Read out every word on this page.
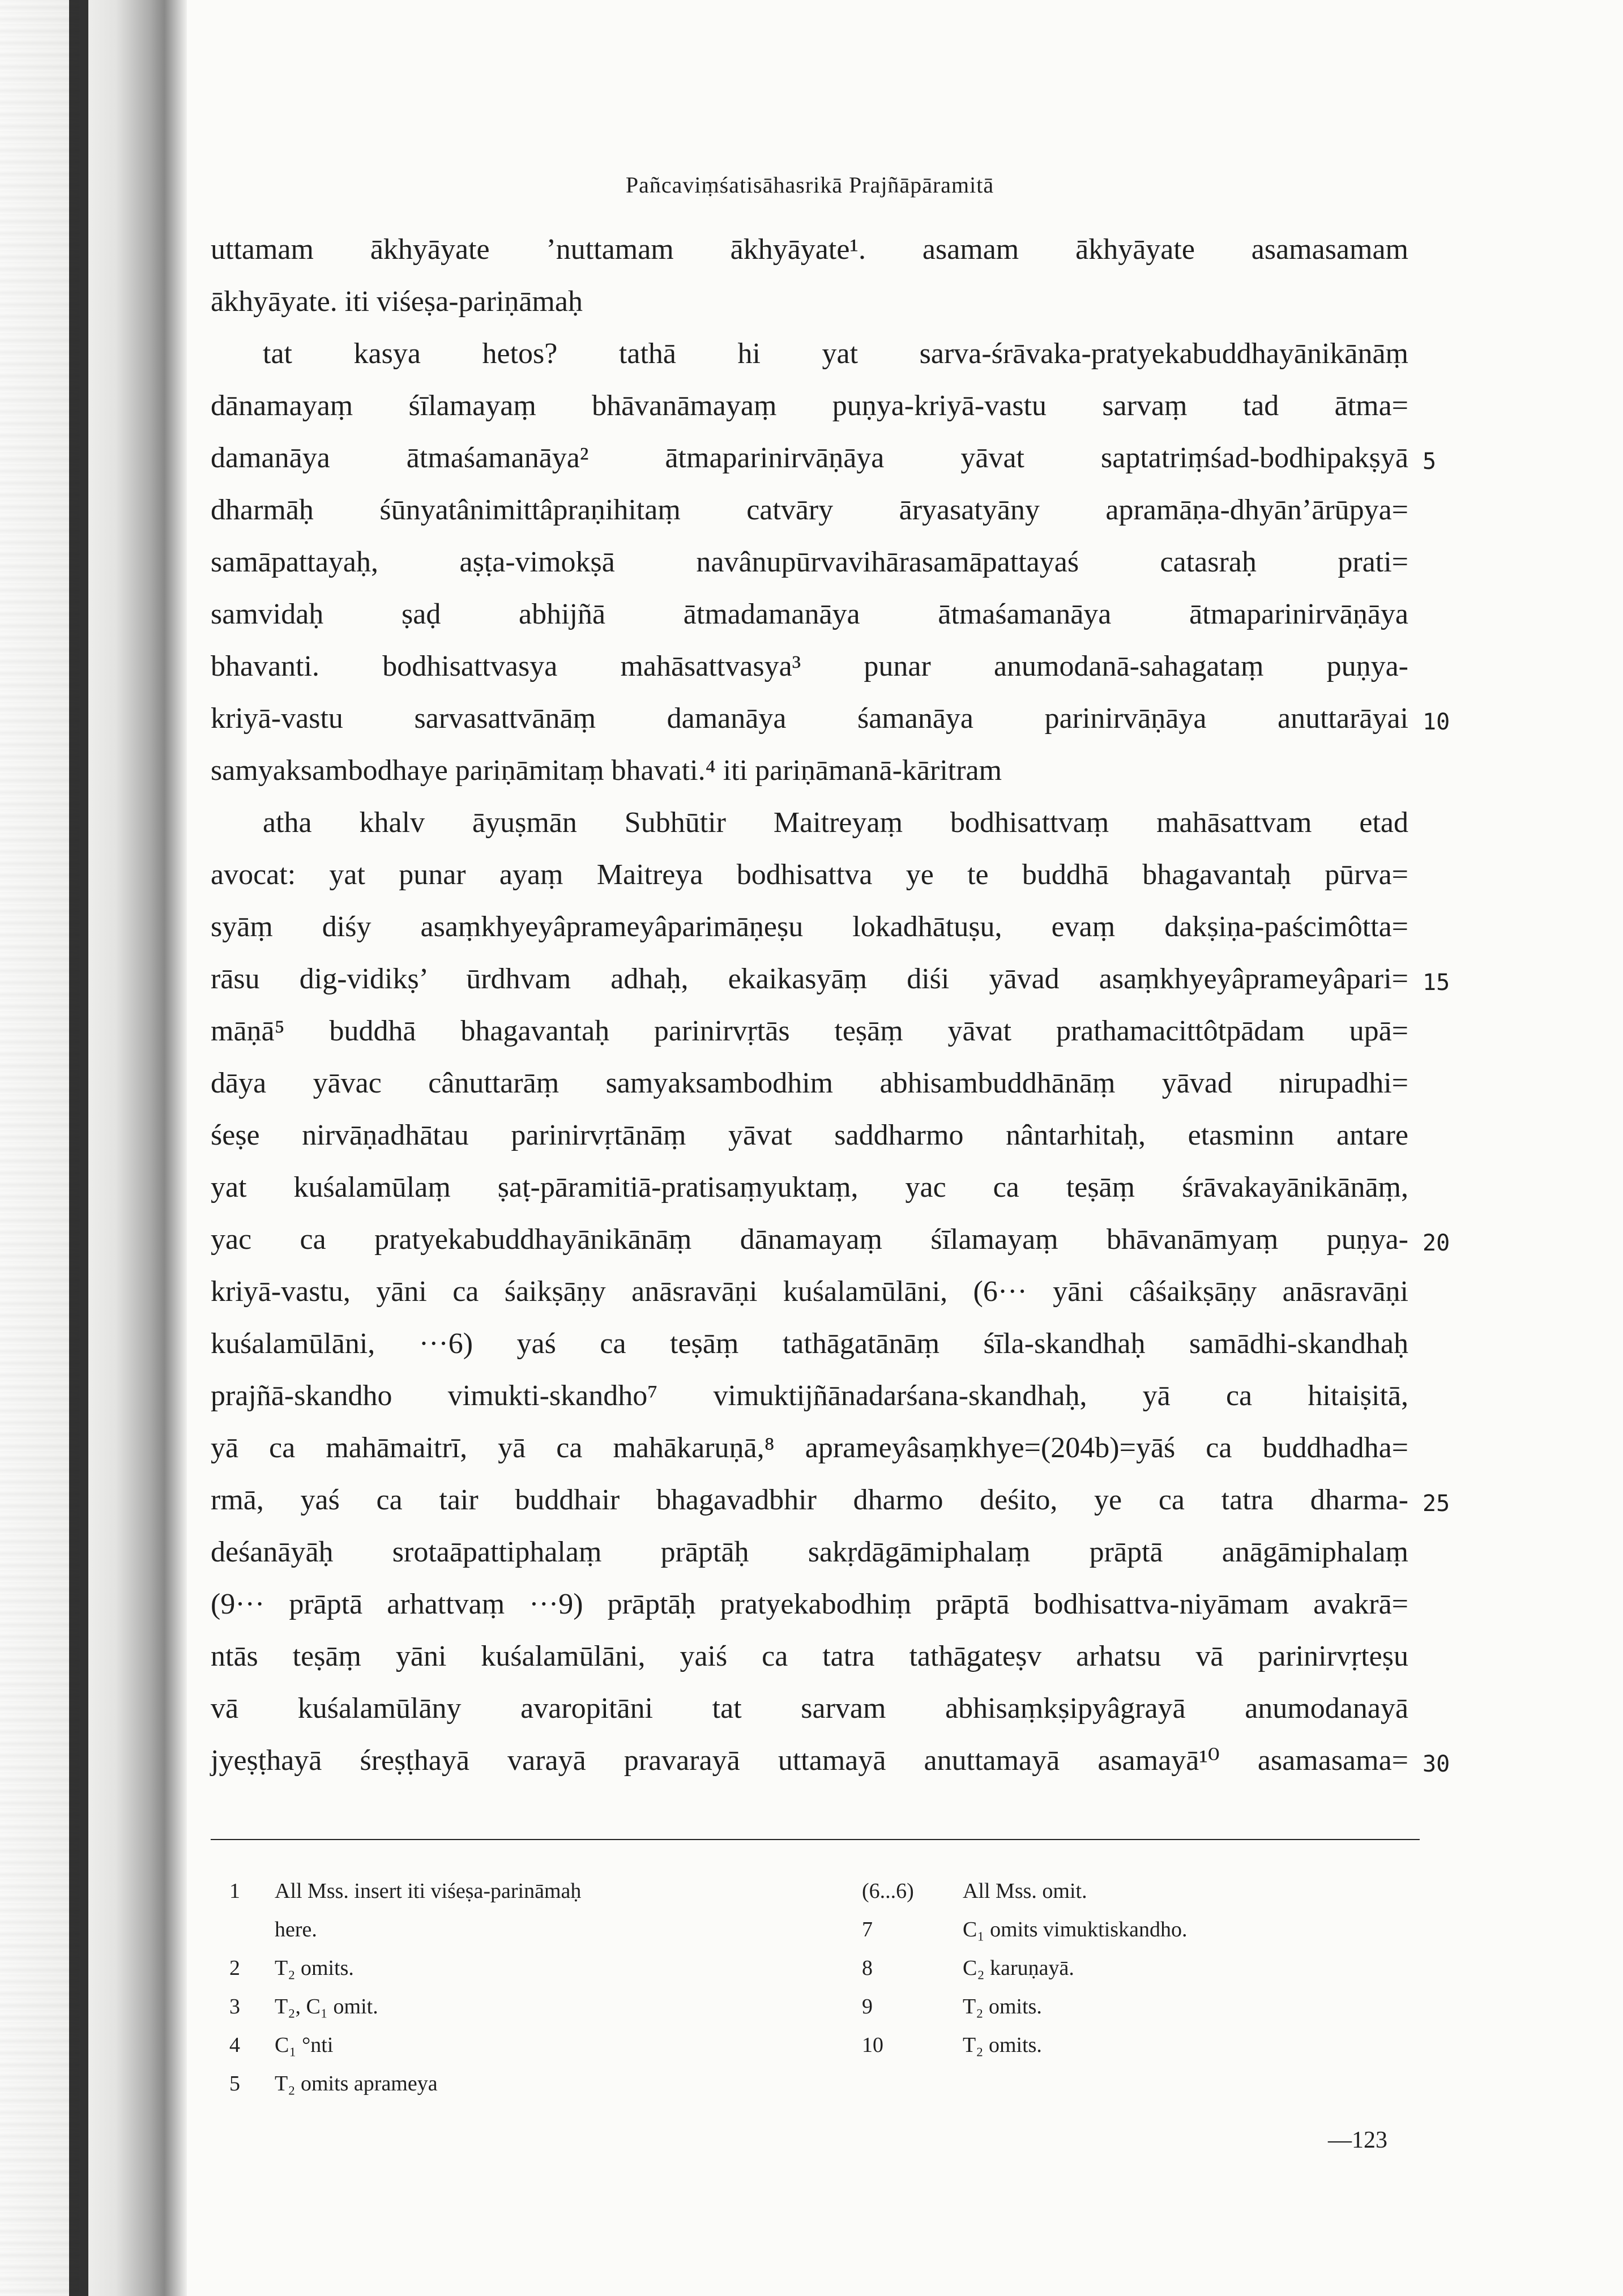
Pañcaviṃśatisāhasrikā Prajñāpāramitā
uttamam ākhyāyate ’nuttamam ākhyāyate¹. asamam ākhyāyate asamasamam
ākhyāyate. iti viśeṣa-pariṇāmaḥ
tat kasya hetos? tathā hi yat sarva-śrāvaka-pratyekabuddhayānikānāṃ
dānamayaṃ śīlamayaṃ bhāvanāmayaṃ puṇya-kriyā-vastu sarvaṃ tad ātma=
damanāya ātmaśamanāya² ātmaparinirvāṇāya yāvat saptatriṃśad-bodhipakṣyā 5
dharmāḥ śūnyatânimittâpraṇihitaṃ catvāry āryasatyāny apramāṇa-dhyān’ārūpya=
samāpattayaḥ, aṣṭa-vimokṣā navânupūrvavihārasamāpattayaś catasraḥ prati=
samvidaḥ ṣaḍ abhijñā ātmadamanāya ātmaśamanāya ātmaparinirvāṇāya
bhavanti. bodhisattvasya mahāsattvasya³ punar anumodanā-sahagataṃ puṇya-
kriyā-vastu sarvasattvānāṃ damanāya śamanāya parinirvāṇāya anuttarāyai 10
samyaksambodhaye pariṇāmitaṃ bhavati.⁴ iti pariṇāmanā-kāritram
atha khalv āyuṣmān Subhūtir Maitreyaṃ bodhisattvaṃ mahāsattvam etad
avocat: yat punar ayaṃ Maitreya bodhisattva ye te buddhā bhagavantaḥ pūrva=
syāṃ diśy asaṃkhyeyâprameyâparimāṇeṣu lokadhātuṣu, evaṃ dakṣiṇa-paścimôtta=
rāsu dig-vidikṣ’ ūrdhvam adhaḥ, ekaikasyāṃ diśi yāvad asaṃkhyeyâprameyâpari= 15
māṇā⁵ buddhā bhagavantaḥ parinirvṛtās teṣāṃ yāvat prathamacittôtpādam upā=
dāya yāvac cânuttarāṃ samyaksambodhim abhisambuddhānāṃ yāvad nirupadhi=
śeṣe nirvāṇadhātau parinirvṛtānāṃ yāvat saddharmo nântarhitaḥ, etasminn antare
yat kuśalamūlaṃ ṣaṭ-pāramitiā-pratisaṃyuktaṃ, yac ca teṣāṃ śrāvakayānikānāṃ,
yac ca pratyekabuddhayānikānāṃ dānamayaṃ śīlamayaṃ bhāvanāmyaṃ puṇya- 20
kriyā-vastu, yāni ca śaikṣāṇy anāsravāṇi kuśalamūlāni, (6··· yāni câśaikṣāṇy anāsravāṇi
kuśalamūlāni, ···6) yaś ca teṣāṃ tathāgatānāṃ śīla-skandhaḥ samādhi-skandhaḥ
prajñā-skandho vimukti-skandho⁷ vimuktijñānadarśana-skandhaḥ, yā ca hitaiṣitā,
yā ca mahāmaitrī, yā ca mahākaruṇā,⁸ aprameyâsaṃkhye=(204b)=yāś ca buddhadha=
rmā, yaś ca tair buddhair bhagavadbhir dharmo deśito, ye ca tatra dharma- 25
deśanāyāḥ srotaāpattiphalaṃ prāptāḥ sakṛdāgāmiphalaṃ prāptā anāgāmiphalaṃ
(9··· prāptā arhattvaṃ ···9) prāptāḥ pratyekabodhiṃ prāptā bodhisattva-niyāmam avakrā=
ntās teṣāṃ yāni kuśalamūlāni, yaiś ca tatra tathāgateṣv arhatsu vā parinirvṛteṣu
vā kuśalamūlāny avaropitāni tat sarvam abhisaṃkṣipyâgrayā anumodanayā
jyeṣṭhayā śreṣṭhayā varayā pravarayā uttamayā anuttamayā asamayā¹⁰ asamasama= 30
1	All Mss. insert iti viśeṣa-parināmaḥ
here.
2	T₂ omits.
3	T₂, C₁ omit.
4	C₁ °nti
5	T₂ omits aprameya
(6...6)	All Mss. omit.
7	C₁ omits vimuktiskandho.
8	C₂ karuṇayā.
9	T₂ omits.
10	T₂ omits.
—123
